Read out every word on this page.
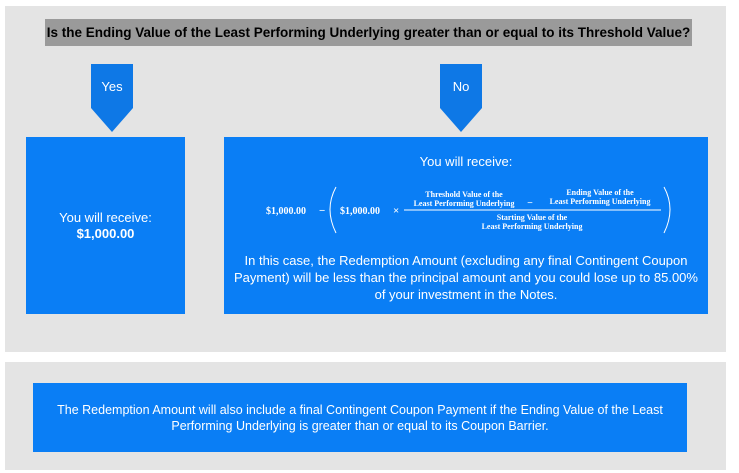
Is the Ending Value of the Least Performing Underlying greater than or equal to its Threshold Value?
Yes	No
You will receive:
$1,000.00
You will receive:
$1,000.00 − $1,000.00 ×
Threshold Value of the
Least Performing Underlying −
Ending Value of the
Least Performing Underlying
Starting Value of the
Least Performing Underlying
In this case, the Redemption Amount (excluding any final Contingent Coupon Payment) will be less than the principal amount and you could lose up to 85.00% of your investment in the Notes.
The Redemption Amount will also include a final Contingent Coupon Payment if the Ending Value of the Least Performing Underlying is greater than or equal to its Coupon Barrier.
